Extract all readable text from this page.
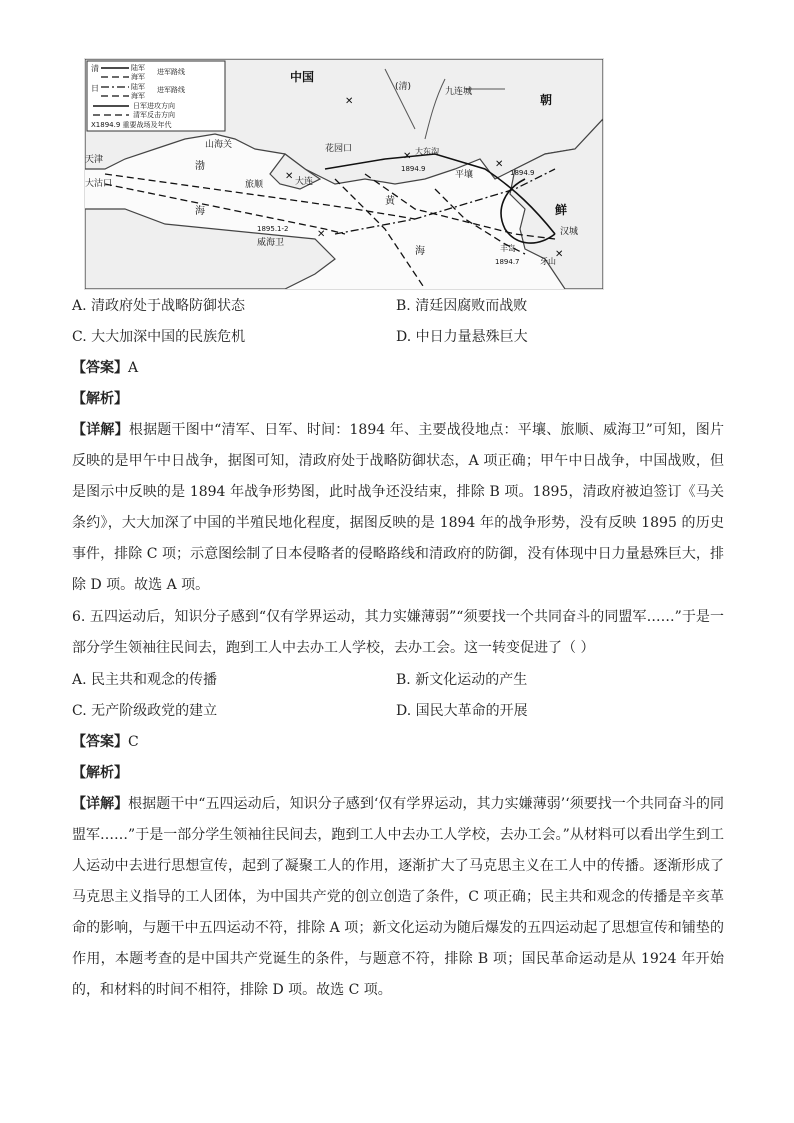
清	陆军 进军路线
海军
日	陆军 进军路线
海军
日军进攻方向
清军反击方向
X1894.9 重要战场及年代
中国
(清)	九连城
朝
鲜
山海关
天津
大沽口
渤
海
花园口
旅顺	大连
大东沟
1894.9
平壤	1894.9
黄
海
1895.1-2
威海卫
汉城
丰岛
1894.7	牙山
✕
✕
✕
✕
✕
✕
A. 清政府处于战略防御状态	B. 清廷因腐败而战败
C. 大大加深中国的民族危机	D. 中日力量悬殊巨大
【答案】A
【解析】
【详解】根据题干图中“清军、日军、时间：1894 年、主要战役地点：平壤、旅顺、威海卫”可知，图片反映的是甲午中日战争，据图可知，清政府处于战略防御状态，A 项正确；甲午中日战争，中国战败，但是图示中反映的是 1894 年战争形势图，此时战争还没结束，排除 B 项。1895，清政府被迫签订《马关条约》，大大加深了中国的半殖民地化程度，据图反映的是 1894 年的战争形势，没有反映 1895 的历史事件，排除 C 项；示意图绘制了日本侵略者的侵略路线和清政府的防御，没有体现中日力量悬殊巨大，排除 D 项。故选 A 项。
6. 五四运动后，知识分子感到“仅有学界运动，其力实嫌薄弱”“须要找一个共同奋斗的同盟军……”于是一部分学生领袖往民间去，跑到工人中去办工人学校，去办工会。这一转变促进了（ ）
A. 民主共和观念的传播	B. 新文化运动的产生
C. 无产阶级政党的建立	D. 国民大革命的开展
【答案】C
【解析】
【详解】根据题干中“五四运动后，知识分子感到‘仅有学界运动，其力实嫌薄弱’‘须要找一个共同奋斗的同盟军……”于是一部分学生领袖往民间去，跑到工人中去办工人学校，去办工会。”从材料可以看出学生到工人运动中去进行思想宣传，起到了凝聚工人的作用，逐渐扩大了马克思主义在工人中的传播。逐渐形成了马克思主义指导的工人团体，为中国共产党的创立创造了条件，C 项正确；民主共和观念的传播是辛亥革命的影响，与题干中五四运动不符，排除 A 项；新文化运动为随后爆发的五四运动起了思想宣传和铺垫的作用，本题考查的是中国共产党诞生的条件，与题意不符，排除 B 项；国民革命运动是从 1924 年开始的，和材料的时间不相符，排除 D 项。故选 C 项。
